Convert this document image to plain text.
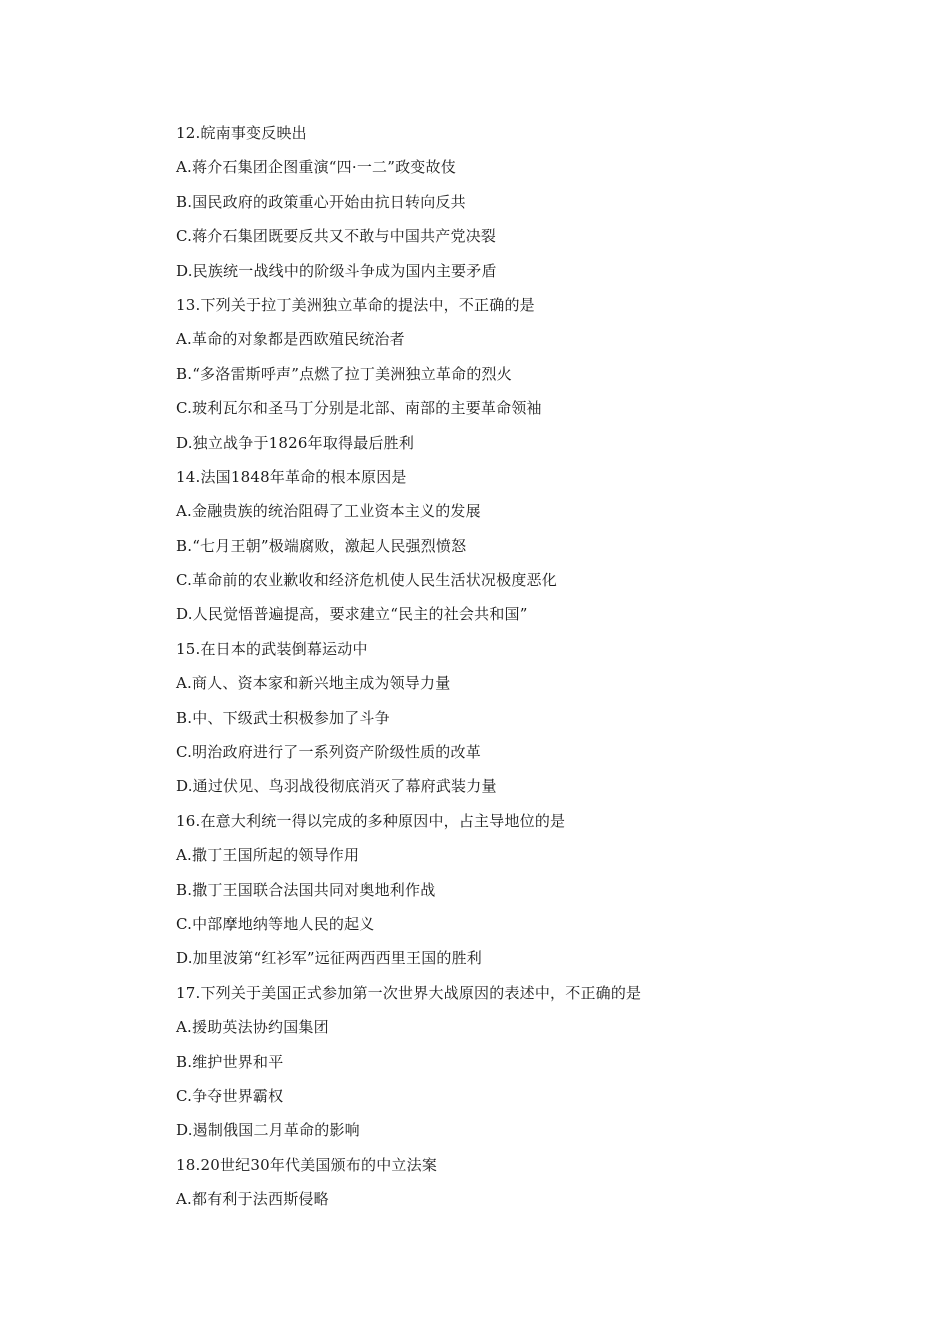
12.皖南事变反映出
A.蒋介石集团企图重演“四·一二”政变故伎
B.国民政府的政策重心开始由抗日转向反共
C.蒋介石集团既要反共又不敢与中国共产党决裂
D.民族统一战线中的阶级斗争成为国内主要矛盾
13.下列关于拉丁美洲独立革命的提法中，不正确的是
A.革命的对象都是西欧殖民统治者
B.“多洛雷斯呼声”点燃了拉丁美洲独立革命的烈火
C.玻利瓦尔和圣马丁分别是北部、南部的主要革命领袖
D.独立战争于1826年取得最后胜利
14.法国1848年革命的根本原因是
A.金融贵族的统治阻碍了工业资本主义的发展
B.“七月王朝”极端腐败，激起人民强烈愤怒
C.革命前的农业歉收和经济危机使人民生活状况极度恶化
D.人民觉悟普遍提高，要求建立“民主的社会共和国”
15.在日本的武装倒幕运动中
A.商人、资本家和新兴地主成为领导力量
B.中、下级武士积极参加了斗争
C.明治政府进行了一系列资产阶级性质的改革
D.通过伏见、鸟羽战役彻底消灭了幕府武装力量
16.在意大利统一得以完成的多种原因中，占主导地位的是
A.撒丁王国所起的领导作用
B.撒丁王国联合法国共同对奥地利作战
C.中部摩地纳等地人民的起义
D.加里波第“红衫军”远征两西西里王国的胜利
17.下列关于美国正式参加第一次世界大战原因的表述中，不正确的是
A.援助英法协约国集团
B.维护世界和平
C.争夺世界霸权
D.遏制俄国二月革命的影响
18.20世纪30年代美国颁布的中立法案
A.都有利于法西斯侵略
